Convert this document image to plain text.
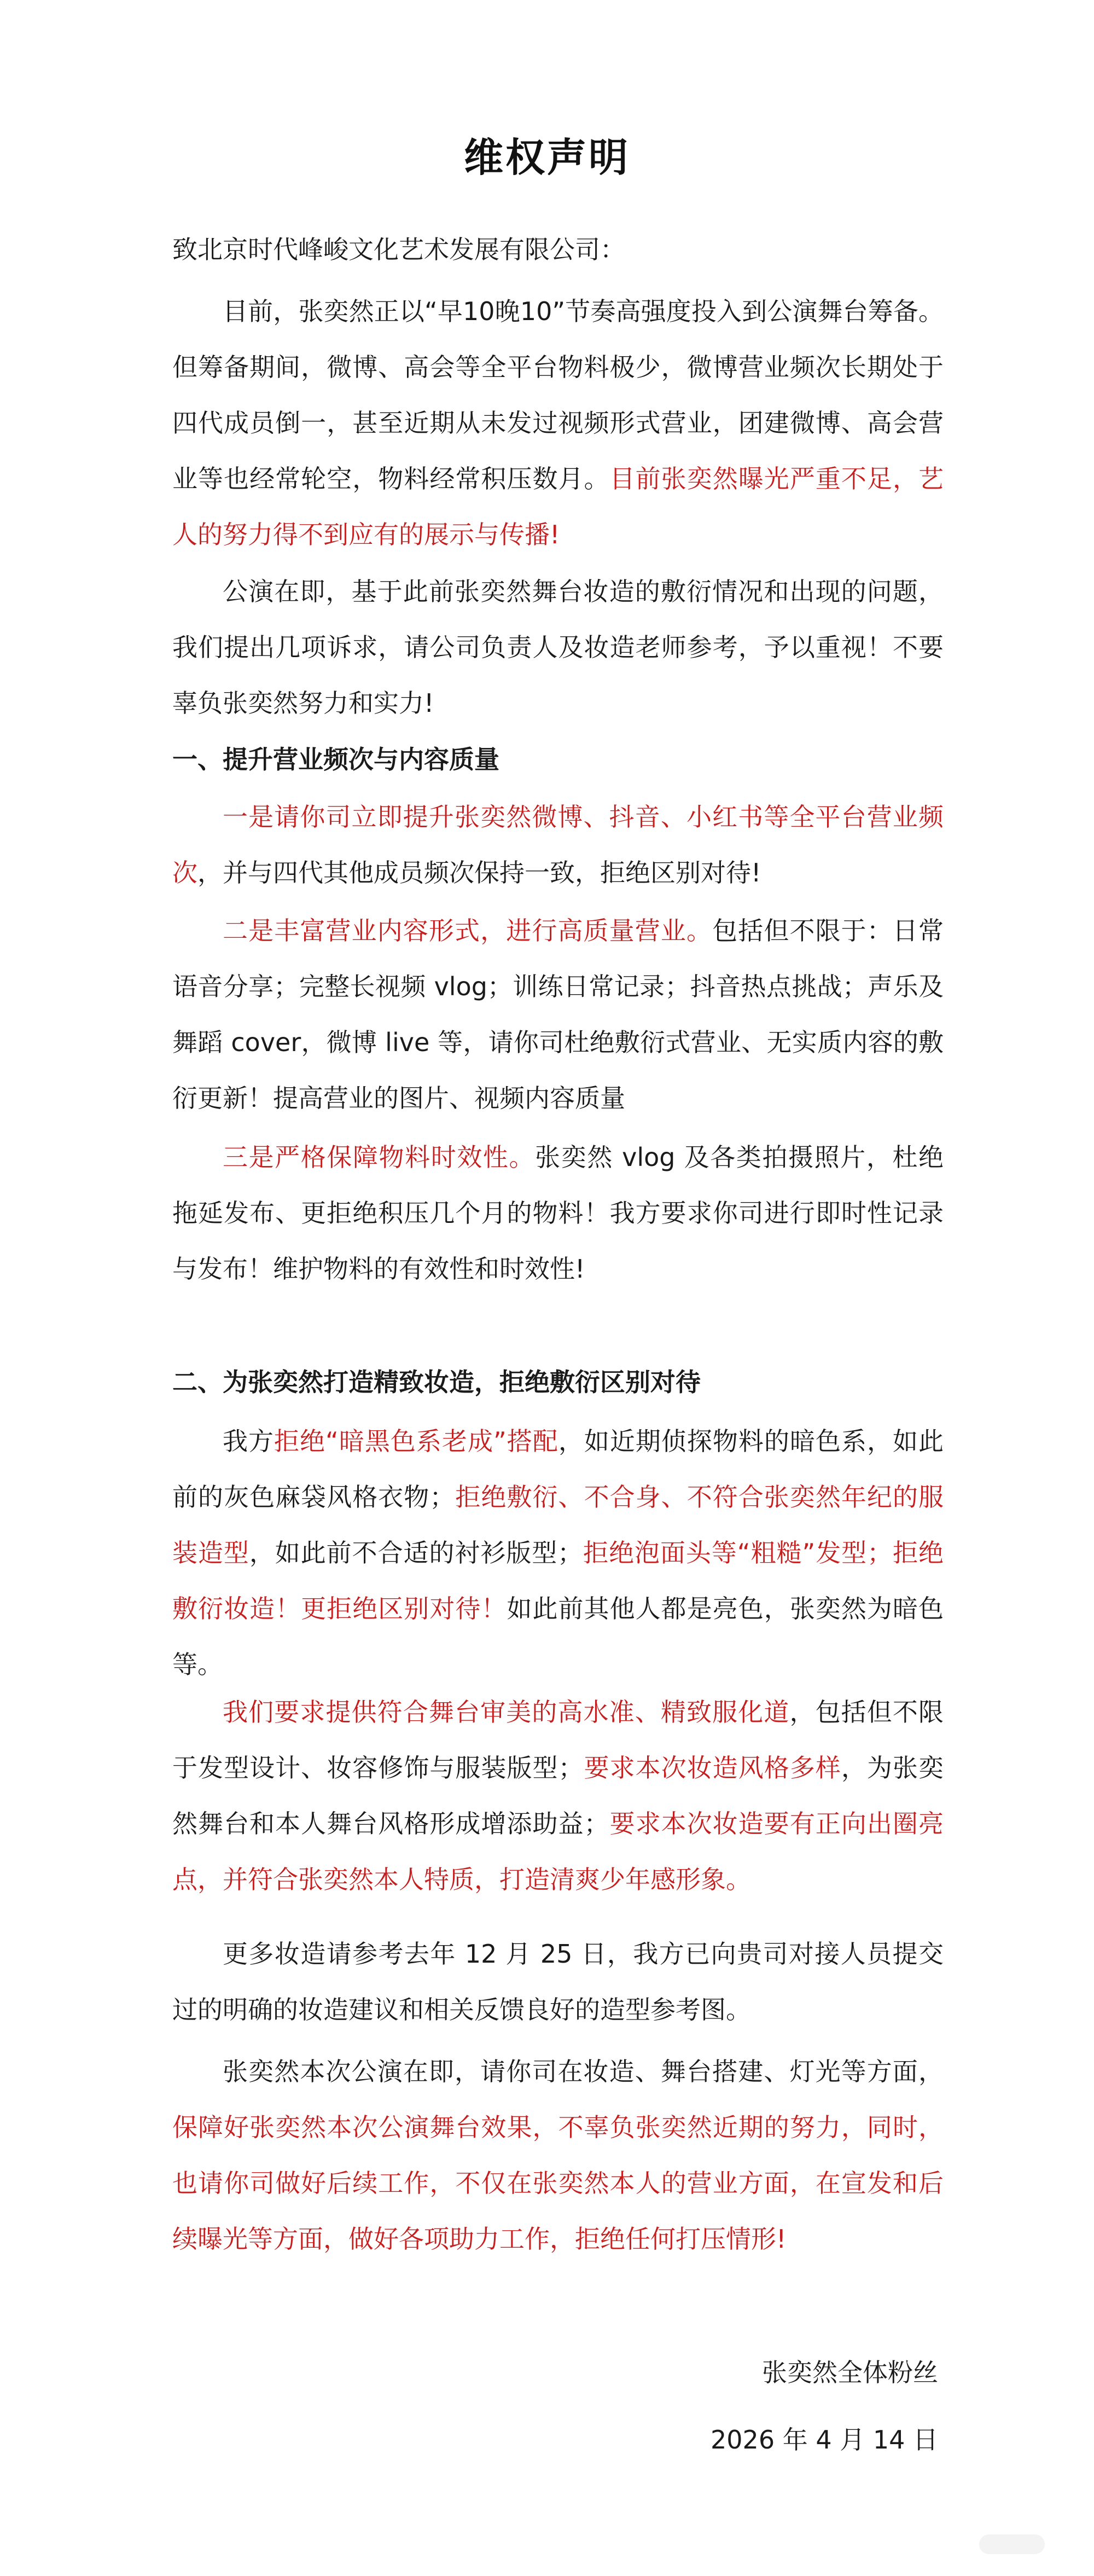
维权声明
致北京时代峰峻文化艺术发展有限公司：
目前，张奕然正以“早10晚10”节奏高强度投入到公演舞台筹备。但筹备期间，微博、高会等全平台物料极少，微博营业频次长期处于四代成员倒一，甚至近期从未发过视频形式营业，团建微博、高会营业等也经常轮空，物料经常积压数月。目前张奕然曝光严重不足，艺人的努力得不到应有的展示与传播!
公演在即，基于此前张奕然舞台妆造的敷衍情况和出现的问题，我们提出几项诉求，请公司负责人及妆造老师参考，予以重视！不要辜负张奕然努力和实力!
一、提升营业频次与内容质量
一是请你司立即提升张奕然微博、抖音、小红书等全平台营业频次，并与四代其他成员频次保持一致，拒绝区别对待!
二是丰富营业内容形式，进行高质量营业。包括但不限于：日常语音分享；完整长视频 vlog；训练日常记录；抖音热点挑战；声乐及舞蹈 cover，微博 live 等，请你司杜绝敷衍式营业、无实质内容的敷衍更新！提高营业的图片、视频内容质量
三是严格保障物料时效性。张奕然 vlog 及各类拍摄照片，杜绝拖延发布、更拒绝积压几个月的物料！我方要求你司进行即时性记录与发布！维护物料的有效性和时效性!
二、为张奕然打造精致妆造，拒绝敷衍区别对待
我方拒绝“暗黑色系老成”搭配，如近期侦探物料的暗色系，如此前的灰色麻袋风格衣物；拒绝敷衍、不合身、不符合张奕然年纪的服装造型，如此前不合适的衬衫版型；拒绝泡面头等“粗糙”发型；拒绝敷衍妆造！更拒绝区别对待！如此前其他人都是亮色，张奕然为暗色等。
我们要求提供符合舞台审美的高水准、精致服化道，包括但不限于发型设计、妆容修饰与服装版型；要求本次妆造风格多样，为张奕然舞台和本人舞台风格形成增添助益；要求本次妆造要有正向出圈亮点，并符合张奕然本人特质，打造清爽少年感形象。
更多妆造请参考去年 12 月 25 日，我方已向贵司对接人员提交过的明确的妆造建议和相关反馈良好的造型参考图。
张奕然本次公演在即，请你司在妆造、舞台搭建、灯光等方面，保障好张奕然本次公演舞台效果，不辜负张奕然近期的努力，同时，也请你司做好后续工作，不仅在张奕然本人的营业方面，在宣发和后续曝光等方面，做好各项助力工作，拒绝任何打压情形!
张奕然全体粉丝
2026 年 4 月 14 日
